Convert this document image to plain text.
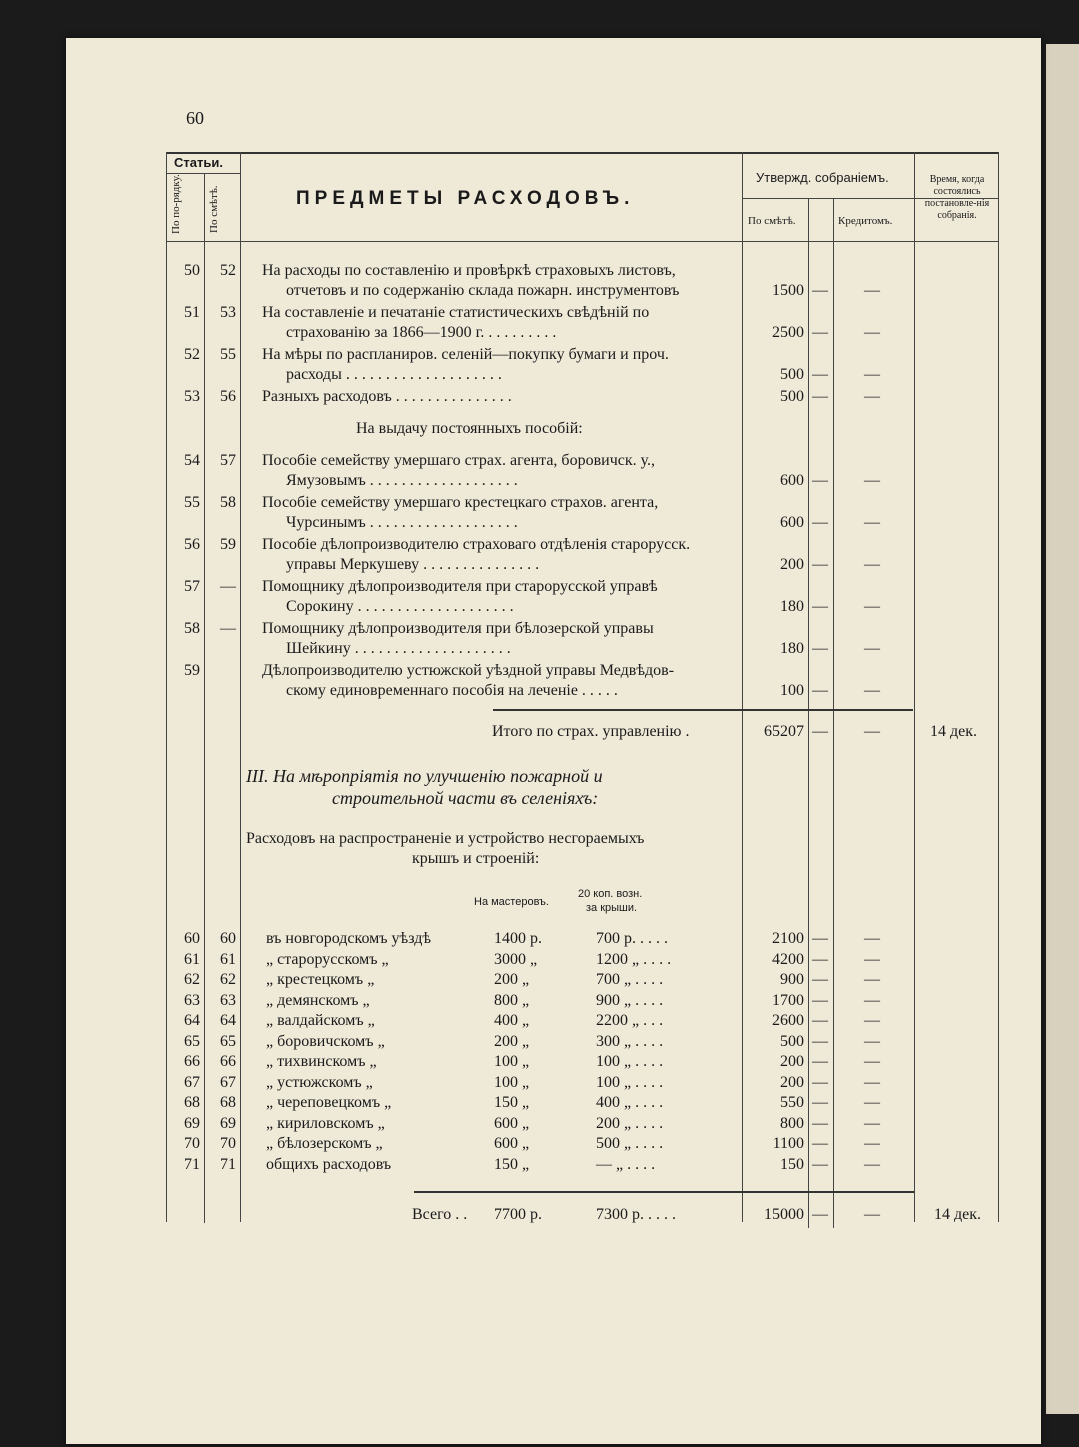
60
Статьи.
По по-рядку.	По смѣтѣ.	ПРЕДМЕТЫ РАСХОДОВЪ.
Утвержд. собраніемъ.
По смѣтѣ.	Кредитомъ.
Время, когда состоялись постановле-нія собранія.
50	52 На расходы по составленію и провѣркѣ страховыхъ листовъ,
отчетовъ и по содержанію склада пожарн. инструментовъ	1500 — —
51	53 На составленіе и печатаніе статистическихъ свѣдѣній по
страхованію за 1866—1900 г. . . . . . . . . .	2500 — —
52	55 На мѣры по распланиров. селеній—покупку бумаги и проч.
расходы . . . . . . . . . . . . . . . . . . . .	500 — —
53	56 Разныхъ расходовъ . . . . . . . . . . . . . . .	500 — —
На выдачу постоянныхъ пособій:
54	57 Пособіе семейству умершаго страх. агента, боровичск. у.,
Ямузовымъ . . . . . . . . . . . . . . . . . . .	600 — —
55	58 Пособіе семейству умершаго крестецкаго страхов. агента,
Чурсинымъ . . . . . . . . . . . . . . . . . . .	600 — —
56	59 Пособіе дѣлопроизводителю страховаго отдѣленія старорусск.
управы Меркушеву . . . . . . . . . . . . . . .	200 — —
57	— Помощнику дѣлопроизводителя при старорусской управѣ
Сорокину . . . . . . . . . . . . . . . . . . . .	180 — —
58	— Помощнику дѣлопроизводителя при бѣлозерской управы
Шейкину . . . . . . . . . . . . . . . . . . . .	180 — —
59	Дѣлопроизводителю устюжской уѣздной управы Медвѣдов-
скому единовременнаго пособія на леченіе . . . . .	100 — —
Итого по страх. управленію .	65207 — —	14 дек.
III. На мѣропріятія по улучшенію пожарной и
строительной части въ селеніяхъ:
Расходовъ на распространеніе и устройство несгораемыхъ
крышъ и строеній:
На мастеровъ.
20 коп. возн.
за крыши.
60	60 въ новгородскомъ уѣздѣ	1400 р.	700 р. . . . .	2100 — —
61	61 „ старорусскомъ „	3000 „	1200 „ . . . .	4200 — —
62	62 „ крестецкомъ „	200 „	700 „ . . . .	900 — —
63	63 „ демянскомъ „	800 „	900 „ . . . .	1700 — —
64	64 „ валдайскомъ „	400 „	2200 „ . . .	2600 — —
65	65 „ боровичскомъ „	200 „	300 „ . . . .	500 — —
66	66 „ тихвинскомъ „	100 „	100 „ . . . .	200 — —
67	67 „ устюжскомъ „	100 „	100 „ . . . .	200 — —
68	68 „ череповецкомъ „	150 „	400 „ . . . .	550 — —
69	69 „ кириловскомъ „	600 „	200 „ . . . .	800 — —
70	70 „ бѣлозерскомъ „	600 „	500 „ . . . .	1100 — —
71	71 общихъ расходовъ	150 „	— „ . . . .	150 — —
Всего . . 7700 р.	7300 р. . . . .	15000 — —	14 дек.
